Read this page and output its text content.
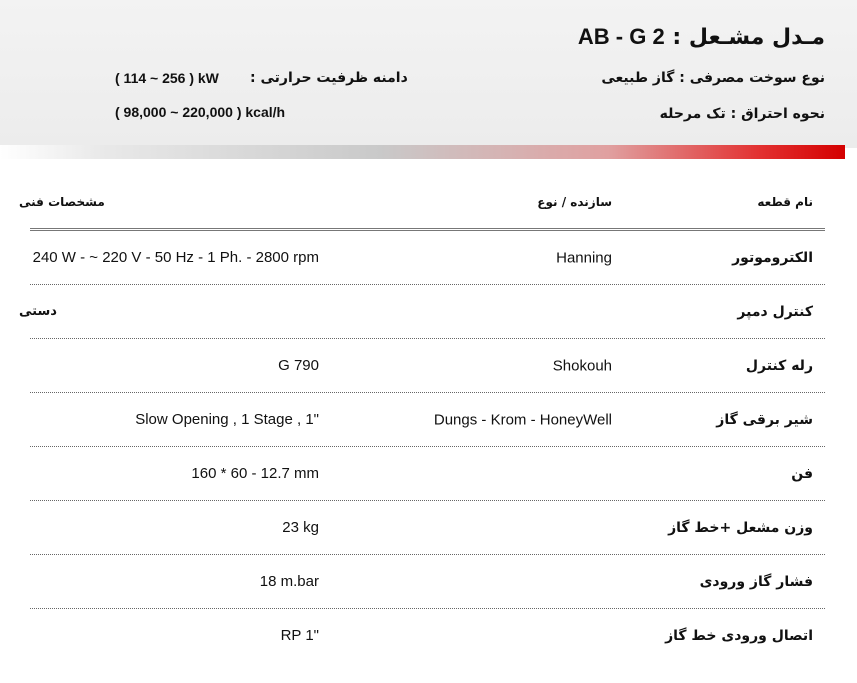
مـدل مشـعل : AB - G 2
نوع سوخت مصرفی : گاز طبیعی
نحوه احتراق : تک مرحله
دامنه ظرفیت حرارتی :
( 114 ~ 256 ) kW
( 98,000 ~ 220,000 ) kcal/h
نام قطعه
سازنده / نوع
مشخصات فنی
الکتروموتور
Hanning
240 W - ~ 220 V - 50 Hz - 1 Ph. - 2800 rpm
کنترل دمپر
دستی
رله کنترل
Shokouh
G 790
شیر برقی گاز
Dungs - Krom - HoneyWell
Slow Opening , 1 Stage , 1"
فن
160 * 60 - 12.7 mm
وزن مشعل +خط گاز
23 kg
فشار گاز ورودی
18 m.bar
اتصال ورودی خط گاز
RP 1"
